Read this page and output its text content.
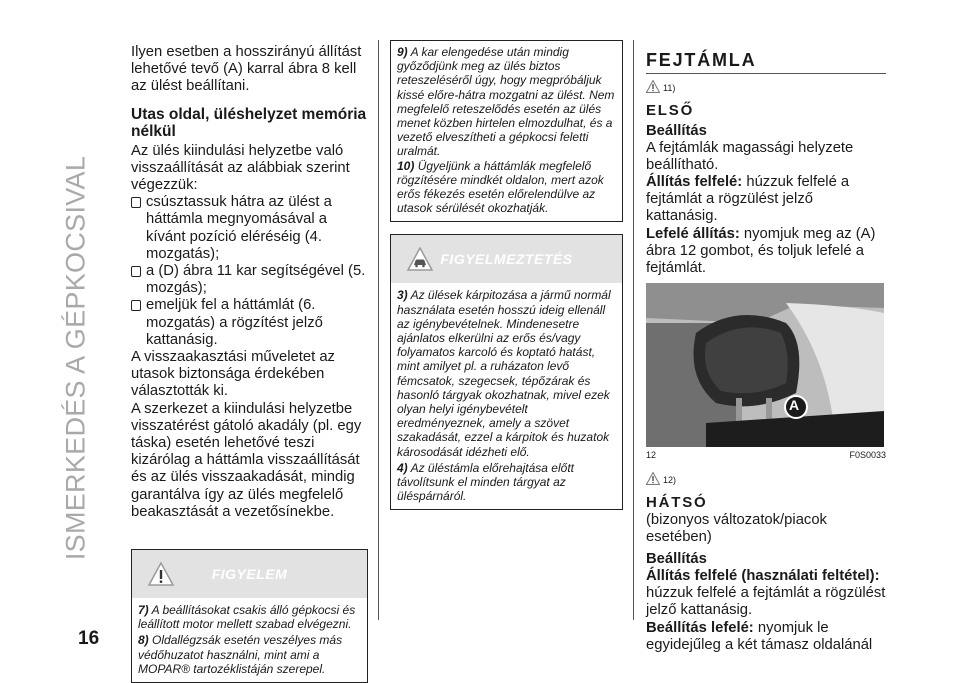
ISMERKEDÉS A GÉPKOCSIVAL
16

Ilyen esetben a hosszirányú állítást lehetővé tevő (A) karral ábra 8 kell az ülést beállítani.

Utas oldal, üléshelyzet memória nélkül

Az ülés kiindulási helyzetbe való visszaállítását az alábbiak szerint végezzük:

csúsztassuk hátra az ülést a háttámla megnyomásával a kívánt pozíció eléréséig (4. mozgatás);

a (D) ábra 11 kar segítségével (5. mozgás);

emeljük fel a háttámlát (6. mozgatás) a rögzítést jelző kattanásig.

A visszaakasztási műveletet az utasok biztonsága érdekében választották ki.

A szerkezet a kiindulási helyzetbe visszatérést gátoló akadály (pl. egy táska) esetén lehetővé teszi kizárólag a háttámla visszaállítását és az ülés visszaakadását, mindig garantálva így az ülés megfelelő beakasztását a vezetősínekbe.

FIGYELEM

7) A beállításokat csakis álló gépkocsi és leállított motor mellett szabad elvégezni.

8) Oldallégzsák esetén veszélyes más védőhuzatot használni, mint ami a MOPAR® tartozéklistáján szerepel.

9) A kar elengedése után mindig győződjünk meg az ülés biztos reteszeléséről úgy, hogy megpróbáljuk kissé előre-hátra mozgatni az ülést. Nem megfelelő reteszelődés esetén az ülés menet közben hirtelen elmozdulhat, és a vezető elveszítheti a gépkocsi feletti uralmát.

10) Ügyeljünk a háttámlák megfelelő rögzítésére mindkét oldalon, mert azok erős fékezés esetén előrelendülve az utasok sérülését okozhatják.

FIGYELMEZTETÉS

3) Az ülések kárpitozása a jármű normál használata esetén hosszú ideig ellenáll az igénybevételnek. Mindenesetre ajánlatos elkerülni az erős és/vagy folyamatos karcoló és koptató hatást, mint amilyet pl. a ruházaton levő fémcsatok, szegecsek, tépőzárak és hasonló tárgyak okozhatnak, mivel ezek olyan helyi igénybevételt eredményeznek, amely a szövet szakadását, ezzel a kárpitok és huzatok károsodását idézheti elő.

4) Az üléstámla előrehajtása előtt távolítsunk el minden tárgyat az üléspárnáról.

FEJTÁMLA
11)
ELSŐ
Beállítás

A fejtámlák magassági helyzete beállítható.

Állítás felfelé: húzzuk felfelé a fejtámlát a rögzülést jelző kattanásig.

Lefelé állítás: nyomjuk meg az (A) ábra 12 gombot, és toljuk lefelé a fejtámlát.

A
12	F0S0033
12)
HÁTSÓ

(bizonyos változatok/piacok esetében)

Beállítás

Állítás felfelé (használati feltétel): húzzuk felfelé a fejtámlát a rögzülést jelző kattanásig.

Beállítás lefelé: nyomjuk le egyidejűleg a két támasz oldalánál
